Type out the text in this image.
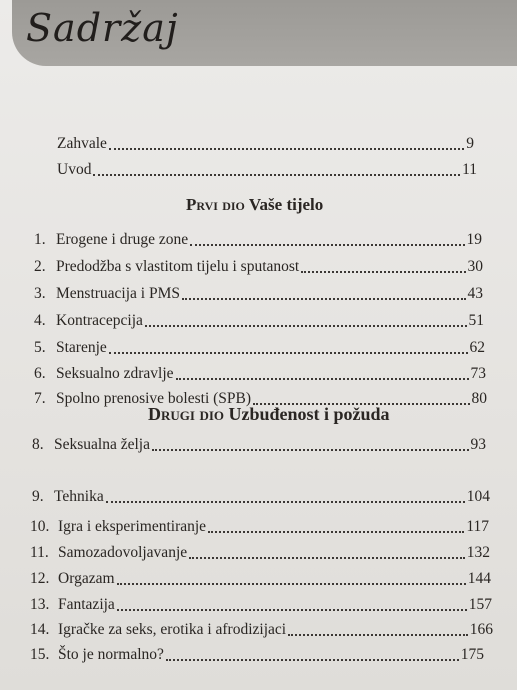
Sadržaj
Zahvale	9
Uvod	11
Prvi dio Vaše tijelo
1. Erogene i druge zone	19
2. Predodžba s vlastitom tijelu i sputanost	30
3. Menstruacija i PMS	43
4. Kontracepcija	51
5. Starenje	62
6. Seksualno zdravlje	73
7. Spolno prenosive bolesti (SPB)	80
Drugi dio Uzbuđenost i požuda
8. Seksualna želja	93
9. Tehnika	104
10. Igra i eksperimentiranje	117
11. Samozadovoljavanje	132
12. Orgazam	144
13. Fantazija	157
14. Igračke za seks, erotika i afrodizijaci	166
15. Što je normalno?	175
